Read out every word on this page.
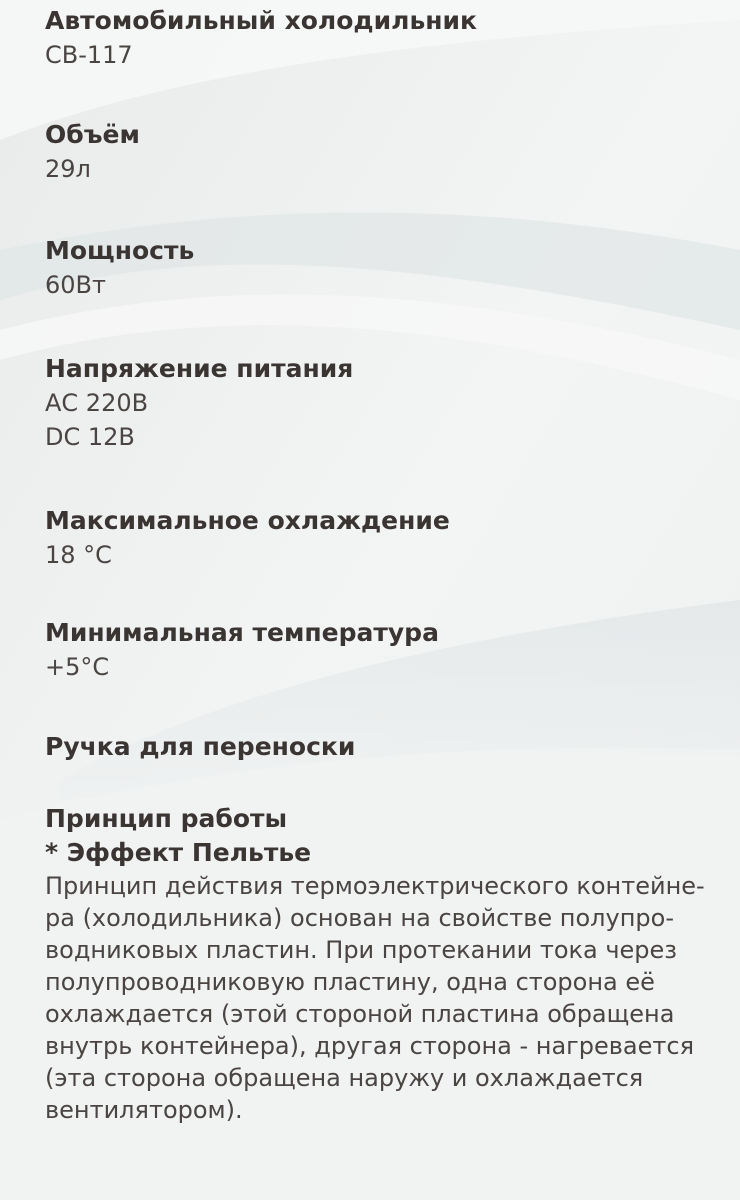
Автомобильный холодильник
CB-117
Объём
29л
Мощность
60Вт
Напряжение питания
АС 220В
DC 12В
Максимальное охлаждение
18 °С
Минимальная температура
+5°С
Ручка для переноски
Принцип работы
* Эффект Пельтье
Принцип действия термоэлектрического контейне-
ра (холодильника) основан на свойстве полупро-
водниковых пластин. При протекании тока через
полупроводниковую пластину, одна сторона её
охлаждается (этой стороной пластина обращена
внутрь контейнера), другая сторона - нагревается
(эта сторона обращена наружу и охлаждается
вентилятором).
